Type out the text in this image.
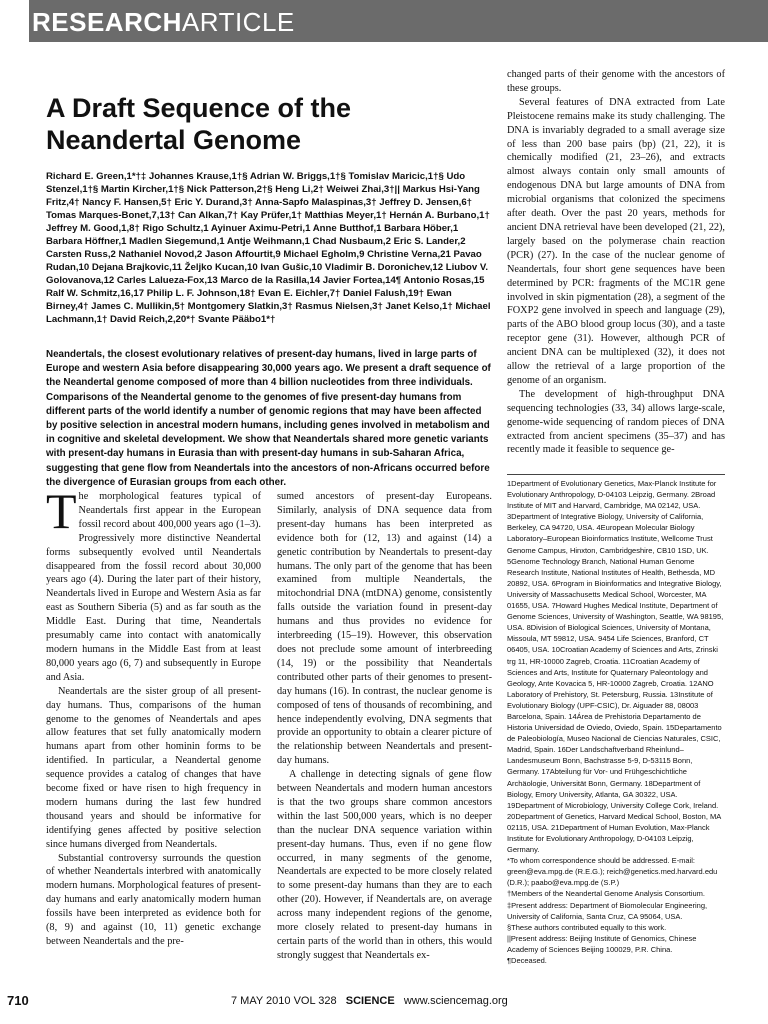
RESEARCHARTICLE
A Draft Sequence of the Neandertal Genome
Richard E. Green,1*†‡ Johannes Krause,1†§ Adrian W. Briggs,1†§ Tomislav Maricic,1†§ Udo Stenzel,1†§ Martin Kircher,1†§ Nick Patterson,2†§ Heng Li,2† Weiwei Zhai,3†|| Markus Hsi-Yang Fritz,4† Nancy F. Hansen,5† Eric Y. Durand,3† Anna-Sapfo Malaspinas,3† Jeffrey D. Jensen,6† Tomas Marques-Bonet,7,13† Can Alkan,7† Kay Prüfer,1† Matthias Meyer,1† Hernán A. Burbano,1† Jeffrey M. Good,1,8† Rigo Schultz,1 Ayinuer Aximu-Petri,1 Anne Butthof,1 Barbara Höber,1 Barbara Höffner,1 Madlen Siegemund,1 Antje Weihmann,1 Chad Nusbaum,2 Eric S. Lander,2 Carsten Russ,2 Nathaniel Novod,2 Jason Affourtit,9 Michael Egholm,9 Christine Verna,21 Pavao Rudan,10 Dejana Brajkovic,11 Željko Kucan,10 Ivan Gušic,10 Vladimir B. Doronichev,12 Liubov V. Golovanova,12 Carles Lalueza-Fox,13 Marco de la Rasilla,14 Javier Fortea,14¶ Antonio Rosas,15 Ralf W. Schmitz,16,17 Philip L. F. Johnson,18† Evan E. Eichler,7† Daniel Falush,19† Ewan Birney,4† James C. Mullikin,5† Montgomery Slatkin,3† Rasmus Nielsen,3† Janet Kelso,1† Michael Lachmann,1† David Reich,2,20*† Svante Pääbo1*†
Neandertals, the closest evolutionary relatives of present-day humans, lived in large parts of Europe and western Asia before disappearing 30,000 years ago. We present a draft sequence of the Neandertal genome composed of more than 4 billion nucleotides from three individuals. Comparisons of the Neandertal genome to the genomes of five present-day humans from different parts of the world identify a number of genomic regions that may have been affected by positive selection in ancestral modern humans, including genes involved in metabolism and in cognitive and skeletal development. We show that Neandertals shared more genetic variants with present-day humans in Eurasia than with present-day humans in sub-Saharan Africa, suggesting that gene flow from Neandertals into the ancestors of non-Africans occurred before the divergence of Eurasian groups from each other.

The morphological features typical of Neandertals first appear in the European fossil record about 400,000 years ago (1–3). Progressively more distinctive Neandertal forms subsequently evolved until Neandertals disappeared from the fossil record about 30,000 years ago (4). During the later part of their history, Neandertals lived in Europe and Western Asia as far east as Southern Siberia (5) and as far south as the Middle East. During that time, Neandertals presumably came into contact with anatomically modern humans in the Middle East from at least 80,000 years ago (6, 7) and subsequently in Europe and Asia.

Neandertals are the sister group of all present-day humans. Thus, comparisons of the human genome to the genomes of Neandertals and apes allow features that set fully anatomically modern humans apart from other hominin forms to be identified. In particular, a Neandertal genome sequence provides a catalog of changes that have become fixed or have risen to high frequency in modern humans during the last few hundred thousand years and should be informative for identifying genes affected by positive selection since humans diverged from Neandertals.

Substantial controversy surrounds the question of whether Neandertals interbred with anatomically modern humans. Morphological features of present-day humans and early anatomically modern human fossils have been interpreted as evidence both for (8, 9) and against (10, 11) genetic exchange between Neandertals and the pre-

sumed ancestors of present-day Europeans. Similarly, analysis of DNA sequence data from present-day humans has been interpreted as evidence both for (12, 13) and against (14) a genetic contribution by Neandertals to present-day humans. The only part of the genome that has been examined from multiple Neandertals, the mitochondrial DNA (mtDNA) genome, consistently falls outside the variation found in present-day humans and thus provides no evidence for interbreeding (15–19). However, this observation does not preclude some amount of interbreeding (14, 19) or the possibility that Neandertals contributed other parts of their genomes to present-day humans (16). In contrast, the nuclear genome is composed of tens of thousands of recombining, and hence independently evolving, DNA segments that provide an opportunity to obtain a clearer picture of the relationship between Neandertals and present-day humans.

A challenge in detecting signals of gene flow between Neandertals and modern human ancestors is that the two groups share common ancestors within the last 500,000 years, which is no deeper than the nuclear DNA sequence variation within present-day humans. Thus, even if no gene flow occurred, in many segments of the genome, Neandertals are expected to be more closely related to some present-day humans than they are to each other (20). However, if Neandertals are, on average across many independent regions of the genome, more closely related to present-day humans in certain parts of the world than in others, this would strongly suggest that Neandertals ex-

changed parts of their genome with the ancestors of these groups.

Several features of DNA extracted from Late Pleistocene remains make its study challenging. The DNA is invariably degraded to a small average size of less than 200 base pairs (bp) (21, 22), it is chemically modified (21, 23–26), and extracts almost always contain only small amounts of endogenous DNA but large amounts of DNA from microbial organisms that colonized the specimens after death. Over the past 20 years, methods for ancient DNA retrieval have been developed (21, 22), largely based on the polymerase chain reaction (PCR) (27). In the case of the nuclear genome of Neandertals, four short gene sequences have been determined by PCR: fragments of the MC1R gene involved in skin pigmentation (28), a segment of the FOXP2 gene involved in speech and language (29), parts of the ABO blood group locus (30), and a taste receptor gene (31). However, although PCR of ancient DNA can be multiplexed (32), it does not allow the retrieval of a large proportion of the genome of an organism.

The development of high-throughput DNA sequencing technologies (33, 34) allows large-scale, genome-wide sequencing of random pieces of DNA extracted from ancient specimens (35–37) and has recently made it feasible to sequence ge-

1Department of Evolutionary Genetics, Max-Planck Institute for Evolutionary Anthropology, D-04103 Leipzig, Germany. 2Broad Institute of MIT and Harvard, Cambridge, MA 02142, USA. 3Department of Integrative Biology, University of California, Berkeley, CA 94720, USA. 4European Molecular Biology Laboratory–European Bioinformatics Institute, Wellcome Trust Genome Campus, Hinxton, Cambridgeshire, CB10 1SD, UK. 5Genome Technology Branch, National Human Genome Research Institute, National Institutes of Health, Bethesda, MD 20892, USA. 6Program in Bioinformatics and Integrative Biology, University of Massachusetts Medical School, Worcester, MA 01655, USA. 7Howard Hughes Medical Institute, Department of Genome Sciences, University of Washington, Seattle, WA 98195, USA. 8Division of Biological Sciences, University of Montana, Missoula, MT 59812, USA. 9454 Life Sciences, Branford, CT 06405, USA. 10Croatian Academy of Sciences and Arts, Zrinski trg 11, HR-10000 Zagreb, Croatia. 11Croatian Academy of Sciences and Arts, Institute for Quaternary Paleontology and Geology, Ante Kovacica 5, HR-10000 Zagreb, Croatia. 12ANO Laboratory of Prehistory, St. Petersburg, Russia. 13Institute of Evolutionary Biology (UPF-CSIC), Dr. Aiguader 88, 08003 Barcelona, Spain. 14Área de Prehistoria Departamento de Historia Universidad de Oviedo, Oviedo, Spain. 15Departamento de Paleobiología, Museo Nacional de Ciencias Naturales, CSIC, Madrid, Spain. 16Der Landschaftverband Rheinlund–Landesmuseum Bonn, Bachstrasse 5-9, D-53115 Bonn, Germany. 17Abteilung für Vor- und Frühgeschichtliche Archäologie, Universität Bonn, Germany. 18Department of Biology, Emory University, Atlanta, GA 30322, USA. 19Department of Microbiology, University College Cork, Ireland. 20Department of Genetics, Harvard Medical School, Boston, MA 02115, USA. 21Department of Human Evolution, Max-Planck Institute for Evolutionary Anthropology, D-04103 Leipzig, Germany.
*To whom correspondence should be addressed. E-mail: green@eva.mpg.de (R.E.G.); reich@genetics.med.harvard.edu (D.R.); paabo@eva.mpg.de (S.P.)
†Members of the Neandertal Genome Analysis Consortium.
‡Present address: Department of Biomolecular Engineering, University of California, Santa Cruz, CA 95064, USA.
§These authors contributed equally to this work.
||Present address: Beijing Institute of Genomics, Chinese Academy of Sciences Beijing 100029, P.R. China.
¶Deceased.
710	7 MAY 2010 VOL 328 SCIENCE www.sciencemag.org
